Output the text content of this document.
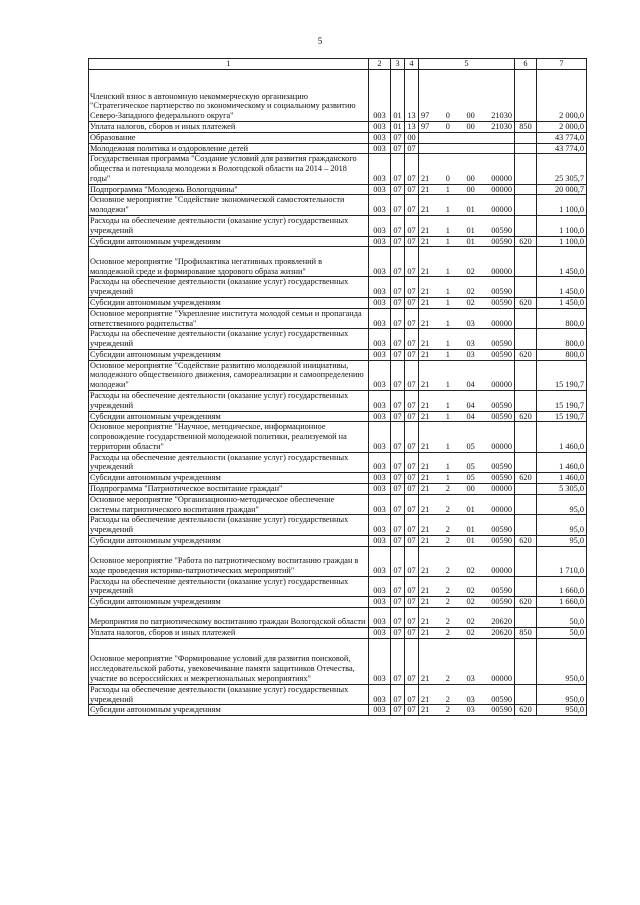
5
1	2	3	4	5	6	7
Членский взнос в автономную некоммерческую организацию "Стратегическое партнерство по экономическому и социальному развитию Северо-Западного федерального округа"	003	01	13	97 0 00 21030		2 000,0
Уплата налогов, сборов и иных платежей	003	01	13	97 0 00 21030	850	2 000,0
Образование	003	07	00			43 774,0
Молодежная политика и оздоровление детей	003	07	07			43 774,0
Государственная программа "Создание условий для развития гражданского общества и потенциала молодежи в Вологодской области на 2014 – 2018 годы"	003	07	07	21 0 00 00000		25 305,7
Подпрограмма "Молодежь Вологодчины"	003	07	07	21 1 00 00000		20 000,7
Основное мероприятие "Содействие экономической самостоятельности молодежи"	003	07	07	21 1 01 00000		1 100,0
Расходы на обеспечение деятельности (оказание услуг) государственных учреждений	003	07	07	21 1 01 00590		1 100,0
Субсидии автономным учреждениям	003	07	07	21 1 01 00590	620	1 100,0
Основное мероприятие "Профилактика негативных проявлений в молодежной среде и формирование здорового образа жизни"	003	07	07	21 1 02 00000		1 450,0
Расходы на обеспечение деятельности (оказание услуг) государственных учреждений	003	07	07	21 1 02 00590		1 450,0
Субсидии автономным учреждениям	003	07	07	21 1 02 00590	620	1 450,0
Основное мероприятие "Укрепление института молодой семьи и пропаганда ответственного родительства"	003	07	07	21 1 03 00000		800,0
Расходы на обеспечение деятельности (оказание услуг) государственных учреждений	003	07	07	21 1 03 00590		800,0
Субсидии автономным учреждениям	003	07	07	21 1 03 00590	620	800,0
Основное мероприятие "Содействие развитию молодежной инициативы, молодежного общественного движения, самореализации и самоопределению молодежи"	003	07	07	21 1 04 00000		15 190,7
Расходы на обеспечение деятельности (оказание услуг) государственных учреждений	003	07	07	21 1 04 00590		15 190,7
Субсидии автономным учреждениям	003	07	07	21 1 04 00590	620	15 190,7
Основное мероприятие "Научное, методическое, информационное сопровождение государственной молодежной политики, реализуемой на территории области"	003	07	07	21 1 05 00000		1 460,0
Расходы на обеспечение деятельности (оказание услуг) государственных учреждений	003	07	07	21 1 05 00590		1 460,0
Субсидии автономным учреждениям	003	07	07	21 1 05 00590	620	1 460,0
Подпрограмма "Патриотическое воспитание граждан"	003	07	07	21 2 00 00000		5 305,0
Основное мероприятие "Организационно-методическое обеспечение системы патриотического воспитания граждан"	003	07	07	21 2 01 00000		95,0
Расходы на обеспечение деятельности (оказание услуг) государственных учреждений	003	07	07	21 2 01 00590		95,0
Субсидии автономным учреждениям	003	07	07	21 2 01 00590	620	95,0
Основное мероприятие "Работа по патриотическому воспитанию граждан в ходе проведения историко-патриотических мероприятий"	003	07	07	21 2 02 00000		1 710,0
Расходы на обеспечение деятельности (оказание услуг) государственных учреждений	003	07	07	21 2 02 00590		1 660,0
Субсидии автономным учреждениям	003	07	07	21 2 02 00590	620	1 660,0
Мероприятия по патриотическому воспитанию граждан Вологодской области	003	07	07	21 2 02 20620		50,0
Уплата налогов, сборов и иных платежей	003	07	07	21 2 02 20620	850	50,0
Основное мероприятие "Формирование условий для развития поисковой, исследовательской работы, увековечивание памяти защитников Отечества, участие во всероссийских и межрегиональных мероприятиях"	003	07	07	21 2 03 00000		950,0
Расходы на обеспечение деятельности (оказание услуг) государственных учреждений	003	07	07	21 2 03 00590		950,0
Субсидии автономным учреждениям	003	07	07	21 2 03 00590	620	950,0
